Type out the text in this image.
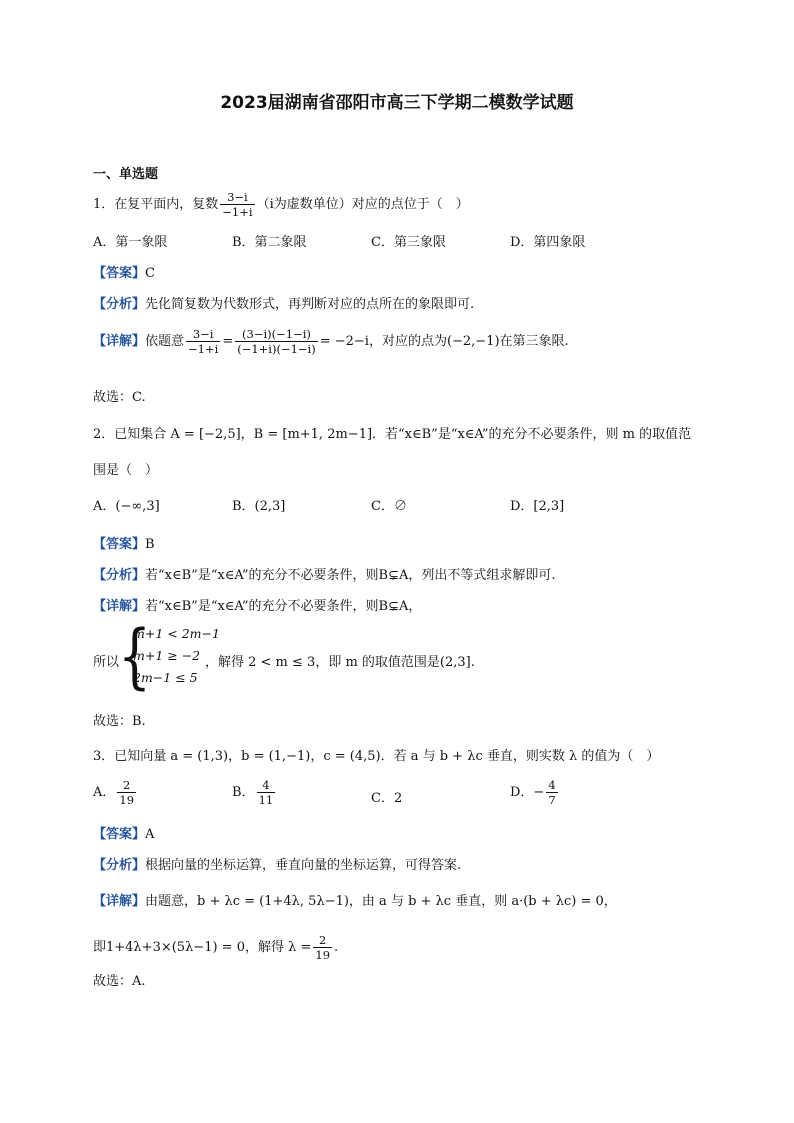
2023届湖南省邵阳市高三下学期二模数学试题
一、单选题
1．在复平面内，复数 $\frac{3-i}{-1+i} (i$为虚数单位）对应的点位于（　）
A．第一象限	B．第二象限	C．第三象限	D．第四象限
【答案】C
【分析】先化简复数为代数形式，再判断对应的点所在的象限即可.
【详解】依题意 $\frac{3-i}{-1+i} = \frac{(3-i)(-1-i)}{(-1+i)(-1-i)} = -2-i$，对应的点为(−2,−1)在第三象限.
故选：C.
2．已知集合 A = [−2,5]，B = [m+1, 2m−1]．若“x∈B”是“x∈A”的充分不必要条件，则 m 的取值范
围是（　）
A．(−∞,3]	B．(2,3]	C．∅	D．[2,3]
【答案】B
【分析】若“x∈B”是“x∈A”的充分不必要条件，则B⊊A，列出不等式组求解即可.
【详解】若“x∈B”是“x∈A”的充分不必要条件，则B⊊A，
所以
{
m+1 < 2m−1
m+1 ≥ −2
2m−1 ≤ 5
，解得 2 < m ≤ 3，即 m 的取值范围是(2,3].
故选：B.
3．已知向量 a = (1,3)，b = (1,−1)，c = (4,5)．若 a 与 b + λc 垂直，则实数 λ 的值为（　）
A． $\frac{2}{19}$	B． $\frac{4}{11}$	C．2	D．− $\frac{4}{7}$
【答案】A
【分析】根据向量的坐标运算，垂直向量的坐标运算，可得答案.
【详解】由题意，b + λc = (1+4λ, 5λ−1)，由 a 与 b + λc 垂直，则 a·(b + λc) = 0，
即1+4λ+3×(5λ−1) = 0，解得 $\lambda = \frac{2}{19}$ .
故选：A.
